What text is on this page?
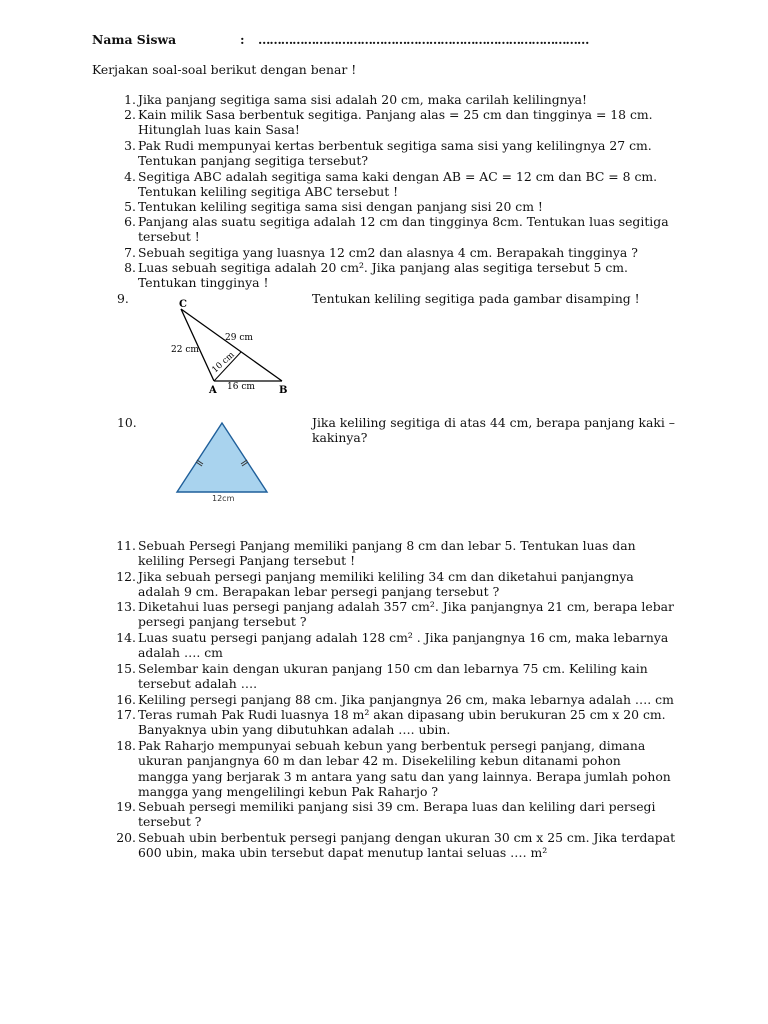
Nama Siswa	: ……………………………………………………………………………
Kerjakan soal-soal berikut dengan benar !
1. Jika panjang segitiga sama sisi adalah 20 cm, maka carilah kelilingnya!
2. Kain milik Sasa berbentuk segitiga. Panjang alas = 25 cm dan tingginya = 18 cm.
Hitunglah luas kain Sasa!
3. Pak Rudi mempunyai kertas berbentuk segitiga sama sisi yang kelilingnya 27 cm.
Tentukan panjang segitiga tersebut?
4. Segitiga ABC adalah segitiga sama kaki dengan AB = AC = 12 cm dan BC = 8 cm.
Tentukan keliling segitiga ABC tersebut !
5. Tentukan keliling segitiga sama sisi dengan panjang sisi 20 cm !
6. Panjang alas suatu segitiga adalah 12 cm dan tingginya 8cm. Tentukan luas segitiga
tersebut !
7. Sebuah segitiga yang luasnya 12 cm2 dan alasnya 4 cm. Berapakah tingginya ?
8. Luas sebuah segitiga adalah 20 cm². Jika panjang alas segitiga tersebut 5 cm.
Tentukan tingginya !
9.	Tentukan keliling segitiga pada gambar disamping !
C
A	B
22 cm
29 cm
16 cm
10 cm
10.	Jika keliling segitiga di atas 44 cm, berapa panjang kaki –
kakinya?
12cm
11. Sebuah Persegi Panjang memiliki panjang 8 cm dan lebar 5. Tentukan luas dan
keliling Persegi Panjang tersebut !
12. Jika sebuah persegi panjang memiliki keliling 34 cm dan diketahui panjangnya
adalah 9 cm. Berapakan lebar persegi panjang tersebut ?
13. Diketahui luas persegi panjang adalah 357 cm². Jika panjangnya 21 cm, berapa lebar
persegi panjang tersebut ?
14. Luas suatu persegi panjang adalah 128 cm² . Jika panjangnya 16 cm, maka lebarnya
adalah …. cm
15. Selembar kain dengan ukuran panjang 150 cm dan lebarnya 75 cm. Keliling kain
tersebut adalah ….
16. Keliling persegi panjang 88 cm. Jika panjangnya 26 cm, maka lebarnya adalah …. cm
17. Teras rumah Pak Rudi luasnya 18 m² akan dipasang ubin berukuran 25 cm x 20 cm.
Banyaknya ubin yang dibutuhkan adalah …. ubin.
18. Pak Raharjo mempunyai sebuah kebun yang berbentuk persegi panjang, dimana
ukuran panjangnya 60 m dan lebar 42 m. Disekeliling kebun ditanami pohon
mangga yang berjarak 3 m antara yang satu dan yang lainnya. Berapa jumlah pohon
mangga yang mengelilingi kebun Pak Raharjo ?
19. Sebuah persegi memiliki panjang sisi 39 cm. Berapa luas dan keliling dari persegi
tersebut ?
20. Sebuah ubin berbentuk persegi panjang dengan ukuran 30 cm x 25 cm. Jika terdapat
600 ubin, maka ubin tersebut dapat menutup lantai seluas …. m²
